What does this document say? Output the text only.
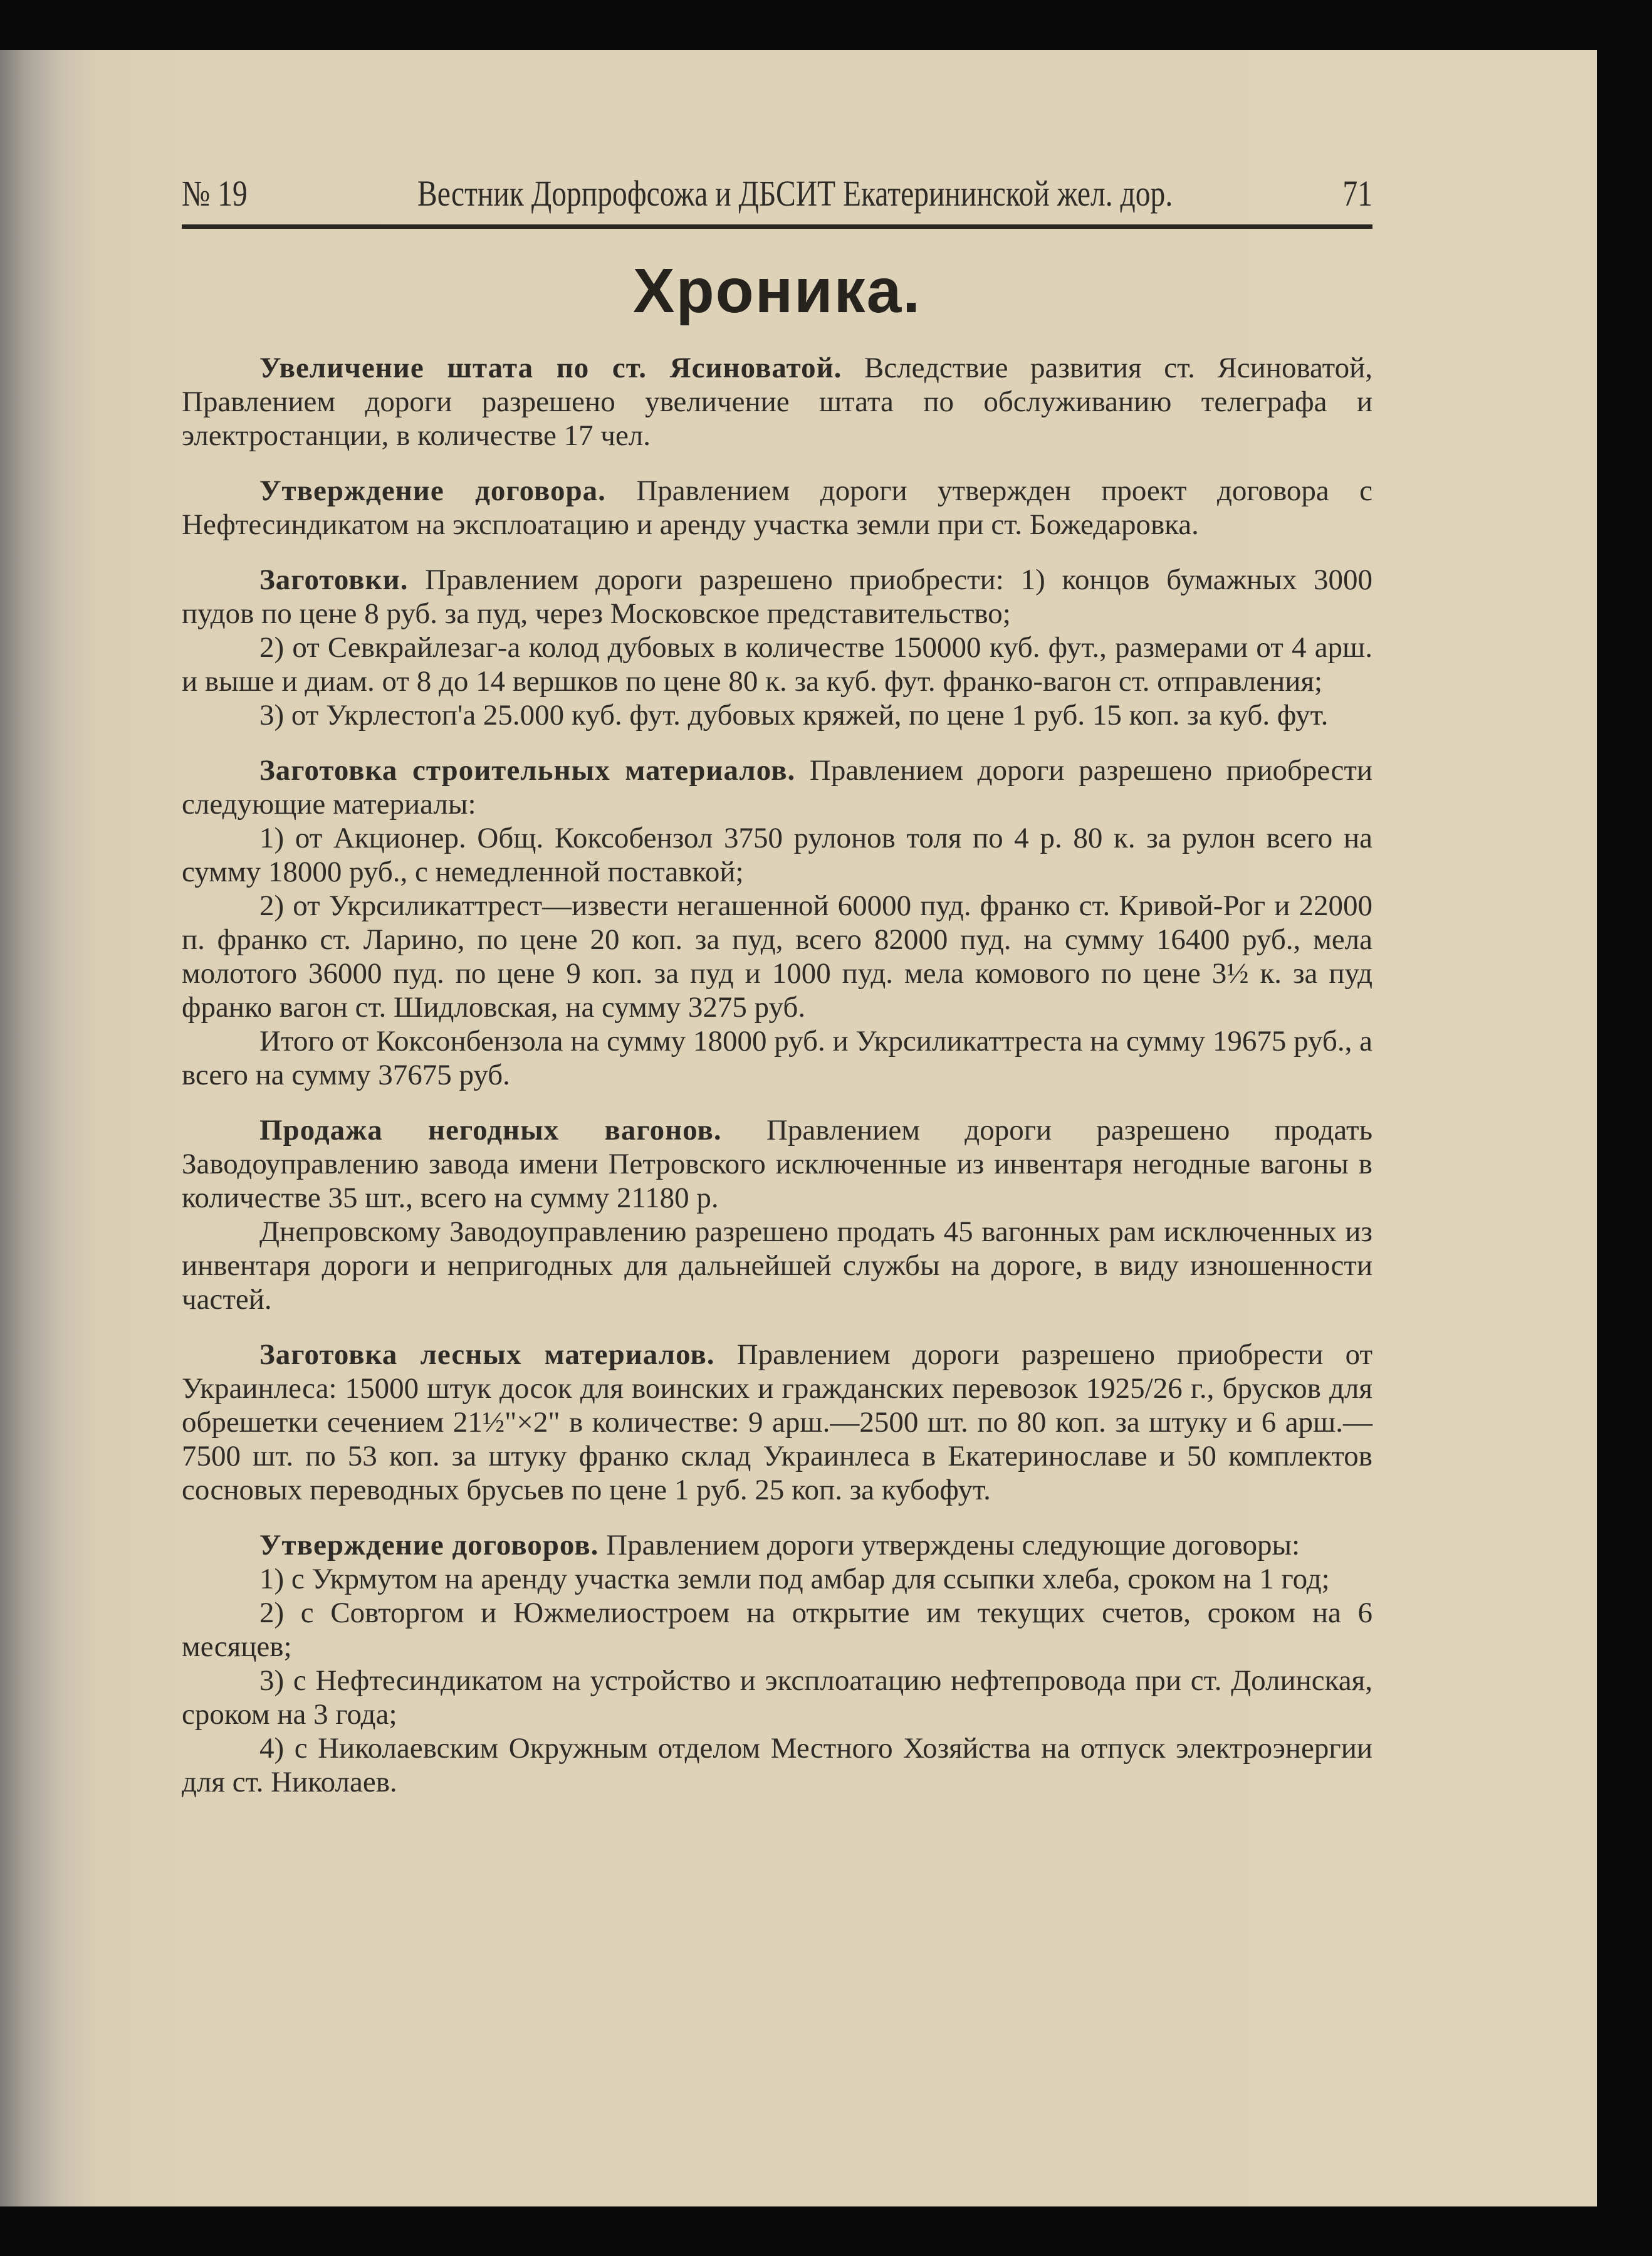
№ 19	Вестник Дорпрофсожа и ДБСИТ Екатерининской жел. дор.	71
Хроника.

Увеличение штата по ст. Ясиноватой. Вследствие развития ст. Ясиноватой, Правлением дороги разрешено увеличение штата по обслуживанию телеграфа и электростанции, в количестве 17 чел.

Утверждение договора. Правлением дороги утвержден проект договора с Нефтесиндикатом на эксплоатацию и аренду участка земли при ст. Божедаровка.

Заготовки. Правлением дороги разрешено приобрести: 1) концов бумажных 3000 пудов по цене 8 руб. за пуд, через Московское представительство;

2) от Севкрайлезаг-а колод дубовых в количестве 150000 куб. фут., размерами от 4 арш. и выше и диам. от 8 до 14 вершков по цене 80 к. за куб. фут. франко-вагон ст. отправления;

3) от Укрлестоп'а 25.000 куб. фут. дубовых кряжей, по цене 1 руб. 15 коп. за куб. фут.

Заготовка строительных материалов. Правлением дороги разрешено приобрести следующие материалы:

1) от Акционер. Общ. Коксобензол 3750 рулонов толя по 4 р. 80 к. за рулон всего на сумму 18000 руб., с немедленной поставкой;

2) от Укрсиликаттрест—извести негашенной 60000 пуд. франко ст. Кривой-Рог и 22000 п. франко ст. Ларино, по цене 20 коп. за пуд, всего 82000 пуд. на сумму 16400 руб., мела молотого 36000 пуд. по цене 9 коп. за пуд и 1000 пуд. мела комового по цене 3½ к. за пуд франко вагон ст. Шидловская, на сумму 3275 руб.

Итого от Коксонбензола на сумму 18000 руб. и Укрсиликаттреста на сумму 19675 руб., а всего на сумму 37675 руб.

Продажа негодных вагонов. Правлением дороги разрешено продать Заводоуправлению завода имени Петровского исключенные из инвентаря негодные вагоны в количестве 35 шт., всего на сумму 21180 р.

Днепровскому Заводоуправлению разрешено продать 45 вагонных рам исключенных из инвентаря дороги и непригодных для дальнейшей службы на дороге, в виду изношенности частей.

Заготовка лесных материалов. Правлением дороги разрешено приобрести от Украинлеса: 15000 штук досок для воинских и гражданских перевозок 1925/26 г., брусков для обрешетки сечением 21½"×2" в количестве: 9 арш.—2500 шт. по 80 коп. за штуку и 6 арш.—7500 шт. по 53 коп. за штуку франко склад Украинлеса в Екатеринославе и 50 комплектов сосновых переводных брусьев по цене 1 руб. 25 коп. за кубофут.

Утверждение договоров. Правлением дороги утверждены следующие договоры:

1) с Укрмутом на аренду участка земли под амбар для ссыпки хлеба, сроком на 1 год;

2) с Совторгом и Южмелиостроем на открытие им текущих счетов, сроком на 6 месяцев;

3) с Нефтесиндикатом на устройство и эксплоатацию нефтепровода при ст. Долинская, сроком на 3 года;

4) с Николаевским Окружным отделом Местного Хозяйства на отпуск электроэнергии для ст. Николаев.
